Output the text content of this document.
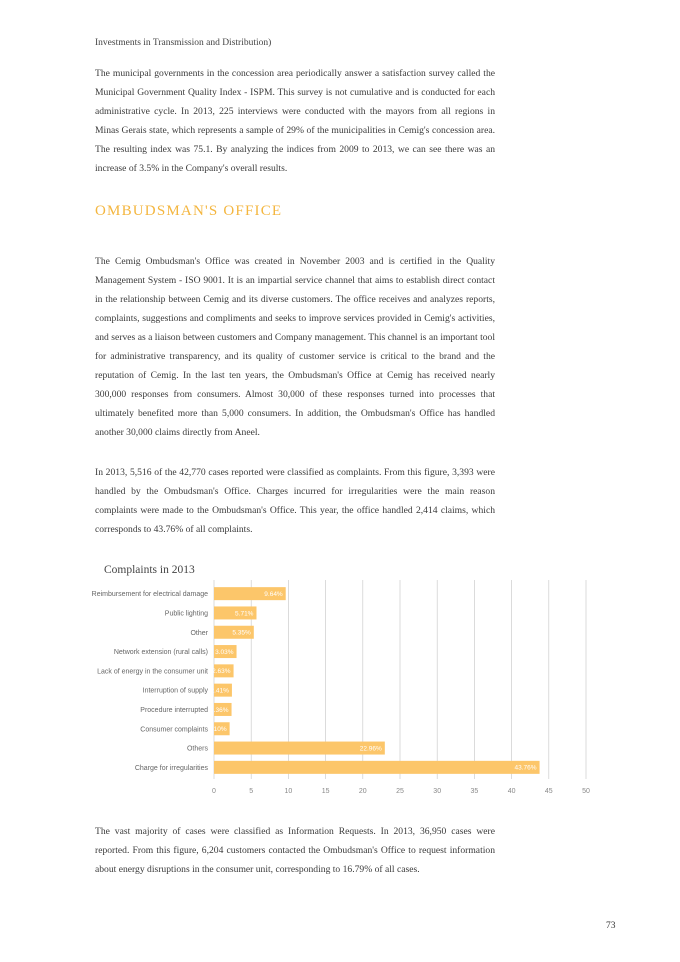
Investments in Transmission and Distribution)
The municipal governments in the concession area periodically answer a satisfaction survey called the Municipal Government Quality Index - ISPM. This survey is not cumulative and is conducted for each administrative cycle. In 2013, 225 interviews were conducted with the mayors from all regions in Minas Gerais state, which represents a sample of 29% of the municipalities in Cemig's concession area. The resulting index was 75.1. By analyzing the indices from 2009 to 2013, we can see there was an increase of 3.5% in the Company's overall results.
OMBUDSMAN'S OFFICE
The Cemig Ombudsman's Office was created in November 2003 and is certified in the Quality Management System - ISO 9001. It is an impartial service channel that aims to establish direct contact in the relationship between Cemig and its diverse customers. The office receives and analyzes reports, complaints, suggestions and compliments and seeks to improve services provided in Cemig's activities, and serves as a liaison between customers and Company management. This channel is an important tool for administrative transparency, and its quality of customer service is critical to the brand and the reputation of Cemig. In the last ten years, the Ombudsman's Office at Cemig has received nearly 300,000 responses from consumers. Almost 30,000 of these responses turned into processes that ultimately benefited more than 5,000 consumers. In addition, the Ombudsman's Office has handled another 30,000 claims directly from Aneel.
In 2013, 5,516 of the 42,770 cases reported were classified as complaints. From this figure, 3,393 were handled by the Ombudsman's Office. Charges incurred for irregularities were the main reason complaints were made to the Ombudsman's Office. This year, the office handled 2,414 claims, which corresponds to 43.76% of all complaints.
Complaints in 2013
0	5	10	15	20	25	30	35	40	45	50
Reimbursement for electrical damage	9.64%
Public lighting	5.71%
Other	5.35%
Network extension (rural calls) 3.03%
Lack of energy in the consumer unit 2.63%
Interruption of supply 2.41%
Procedure interrupted 2.36%
Consumer complaints 2.10%
Others	22.96%
Charge for irregularities	43.76%
The vast majority of cases were classified as Information Requests. In 2013, 36,950 cases were reported. From this figure, 6,204 customers contacted the Ombudsman's Office to request information about energy disruptions in the consumer unit, corresponding to 16.79% of all cases.
73
